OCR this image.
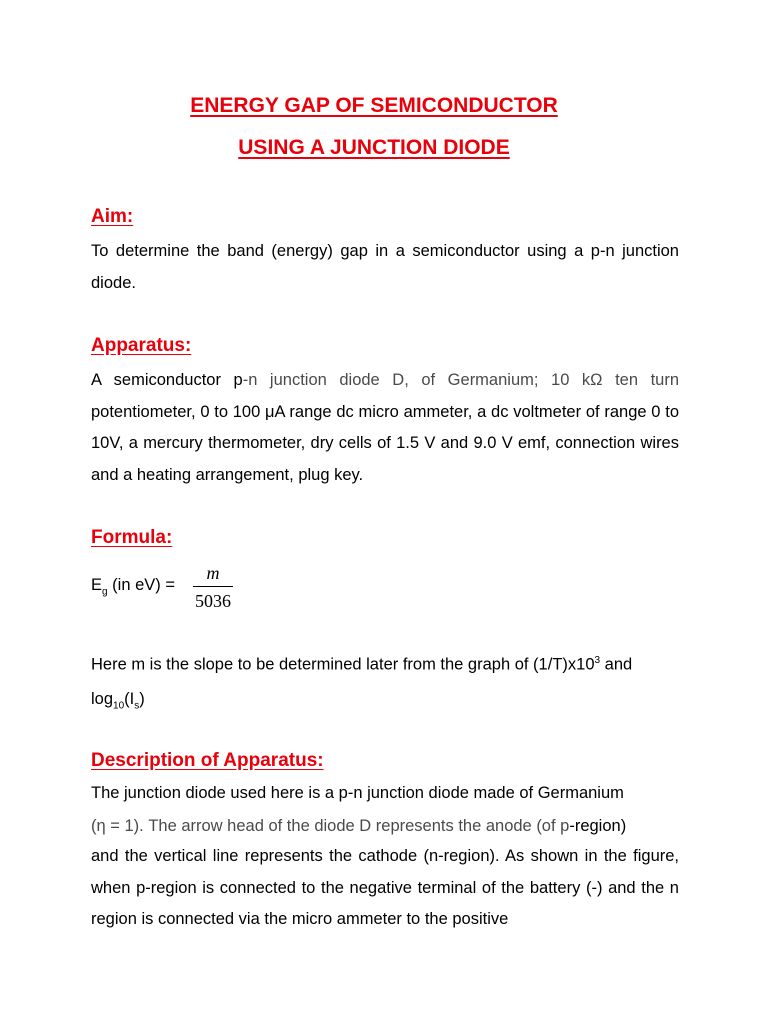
ENERGY GAP OF SEMICONDUCTOR
USING A JUNCTION DIODE
Aim:

To determine the band (energy) gap in a semiconductor using a p-n junction diode.

Apparatus:

A semiconductor p-n junction diode D, of Germanium; 10 kΩ ten turn potentiometer, 0 to 100 μA range dc micro ammeter, a dc voltmeter of range 0 to 10V, a mercury thermometer, dry cells of 1.5 V and 9.0 V emf, connection wires and a heating arrangement, plug key.

Formula:
$E_g$ (in eV) =
m
5036

Here m is the slope to be determined later from the graph of $(1/T)x10^3$ and

$\log_{10}(I_s)$

Description of Apparatus:

The junction diode used here is a p-n junction diode made of Germanium

(η = 1). The arrow head of the diode D represents the anode (of p-region)

and the vertical line represents the cathode (n-region). As shown in the figure, when p-region is connected to the negative terminal of the battery (-) and the n region is connected via the micro ammeter to the positive
